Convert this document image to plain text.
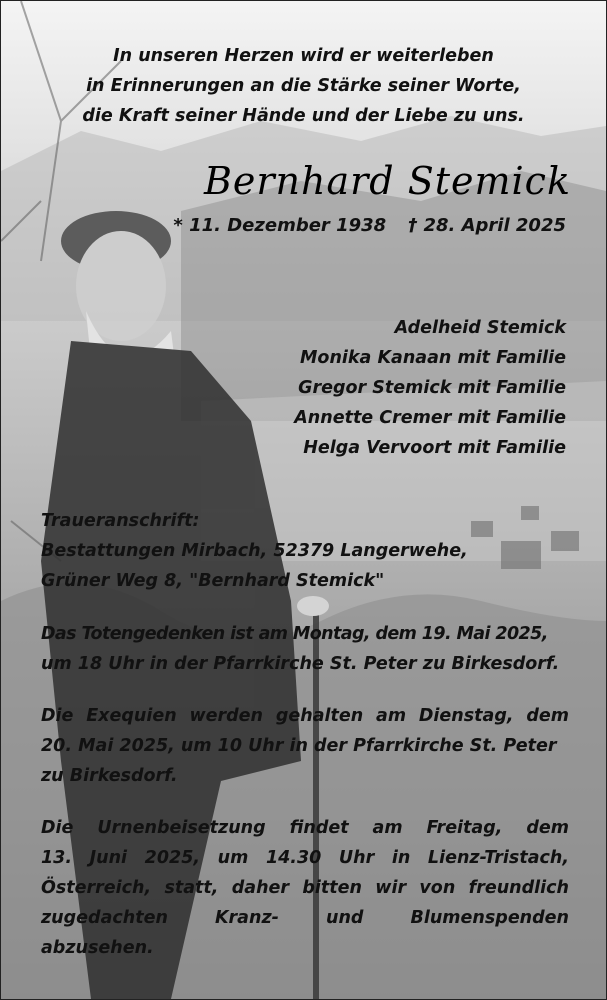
In unseren Herzen wird er weiterleben
in Erinnerungen an die Stärke seiner Worte,
die Kraft seiner Hände und der Liebe zu uns.
Bernhard Stemick
* 11. Dezember 1938 † 28. April 2025
Adelheid Stemick
Monika Kanaan mit Familie
Gregor Stemick mit Familie
Annette Cremer mit Familie
Helga Vervoort mit Familie
Traueranschrift:
Bestattungen Mirbach, 52379 Langerwehe,
Grüner Weg 8, "Bernhard Stemick"
Das Totengedenken ist am Montag, dem 19. Mai 2025,
um 18 Uhr in der Pfarrkirche St. Peter zu Birkesdorf.
Die Exequien werden gehalten am Dienstag, dem
20. Mai 2025, um 10 Uhr in der Pfarrkirche St. Peter
zu Birkesdorf.
Die Urnenbeisetzung findet am Freitag, dem
13. Juni 2025, um 14.30 Uhr in Lienz-Tristach,
Österreich, statt, daher bitten wir von freundlich
zugedachten Kranz- und Blumenspenden
abzusehen.
